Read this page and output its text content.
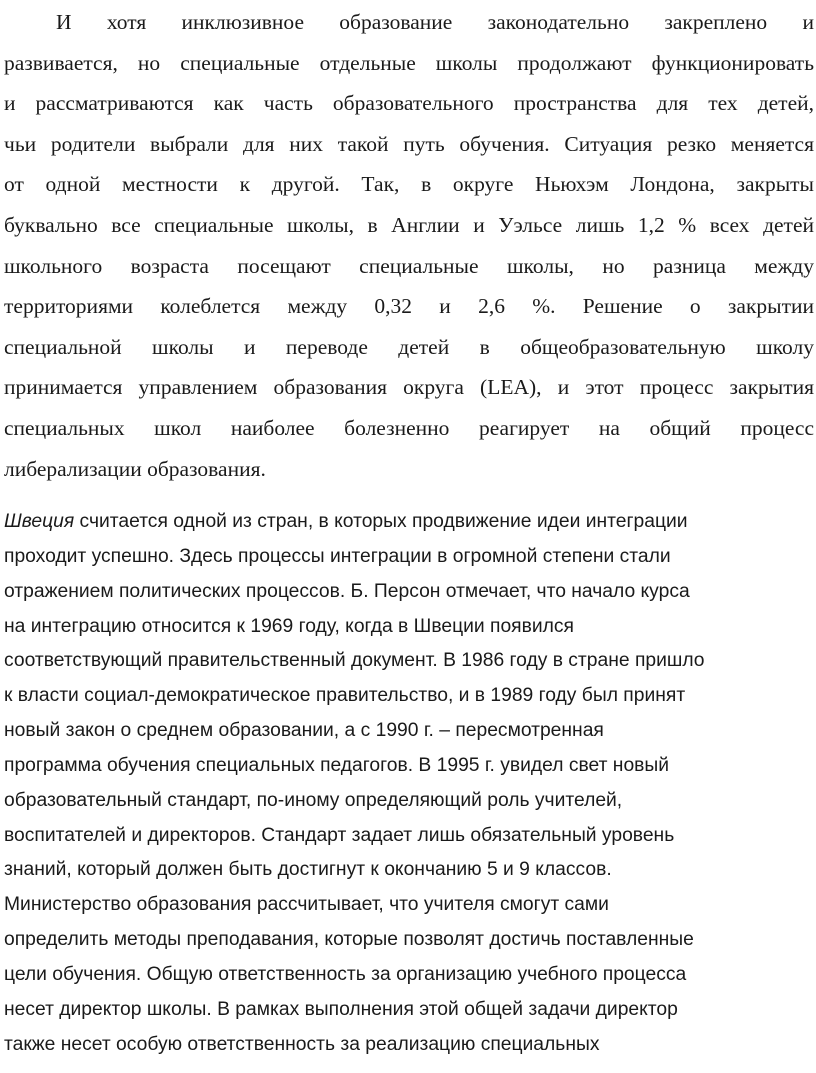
И хотя инклюзивное образование законодательно закреплено и
развивается, но специальные отдельные школы продолжают функционировать
и рассматриваются как часть образовательного пространства для тех детей,
чьи родители выбрали для них такой путь обучения. Ситуация резко меняется
от одной местности к другой. Так, в округе Ньюхэм Лондона, закрыты
буквально все специальные школы, в Англии и Уэльсе лишь 1,2 % всех детей
школьного возраста посещают специальные школы, но разница между
территориями колеблется между 0,32 и 2,6 %. Решение о закрытии
специальной школы и переводе детей в общеобразовательную школу
принимается управлением образования округа (LEA), и этот процесс закрытия
специальных школ наиболее болезненно реагирует на общий процесс
либерализации образования.
Швеция считается одной из стран, в которых продвижение идеи интеграции
проходит успешно. Здесь процессы интеграции в огромной степени стали
отражением политических процессов. Б. Персон отмечает, что начало курса
на интеграцию относится к 1969 году, когда в Швеции появился
соответствующий правительственный документ. В 1986 году в стране пришло
к власти социал-демократическое правительство, и в 1989 году был принят
новый закон о среднем образовании, а с 1990 г. – пересмотренная
программа обучения специальных педагогов. В 1995 г. увидел свет новый
образовательный стандарт, по-иному определяющий роль учителей,
воспитателей и директоров. Стандарт задает лишь обязательный уровень
знаний, который должен быть достигнут к окончанию 5 и 9 классов.
Министерство образования рассчитывает, что учителя смогут сами
определить методы преподавания, которые позволят достичь поставленные
цели обучения. Общую ответственность за организацию учебного процесса
несет директор школы. В рамках выполнения этой общей задачи директор
также несет особую ответственность за реализацию специальных
